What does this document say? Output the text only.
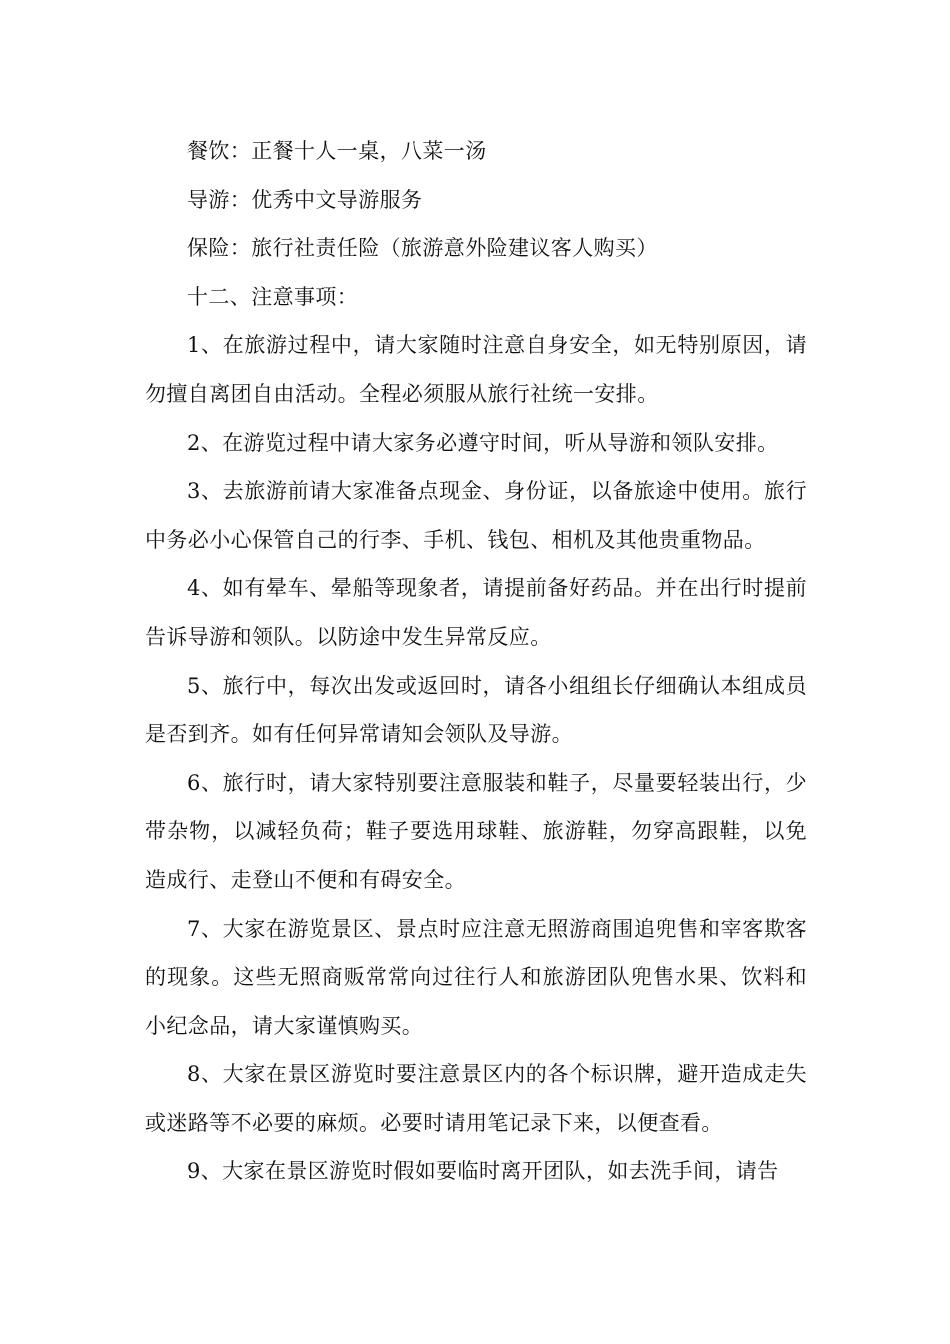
餐饮：正餐十人一桌，八菜一汤

导游：优秀中文导游服务

保险：旅行社责任险（旅游意外险建议客人购买）

十二、注意事项：

1、在旅游过程中，请大家随时注意自身安全，如无特别原因，请勿擅自离团自由活动。全程必须服从旅行社统一安排。

2、在游览过程中请大家务必遵守时间，听从导游和领队安排。

3、去旅游前请大家准备点现金、身份证，以备旅途中使用。旅行中务必小心保管自己的行李、手机、钱包、相机及其他贵重物品。

4、如有晕车、晕船等现象者，请提前备好药品。并在出行时提前告诉导游和领队。以防途中发生异常反应。

5、旅行中，每次出发或返回时，请各小组组长仔细确认本组成员是否到齐。如有任何异常请知会领队及导游。

6、旅行时，请大家特别要注意服装和鞋子，尽量要轻装出行，少带杂物，以减轻负荷；鞋子要选用球鞋、旅游鞋，勿穿高跟鞋，以免造成行、走登山不便和有碍安全。

7、大家在游览景区、景点时应注意无照游商围追兜售和宰客欺客的现象。这些无照商贩常常向过往行人和旅游团队兜售水果、饮料和小纪念品，请大家谨慎购买。

8、大家在景区游览时要注意景区内的各个标识牌，避开造成走失或迷路等不必要的麻烦。必要时请用笔记录下来，以便查看。

9、大家在景区游览时假如要临时离开团队，如去洗手间，请告
